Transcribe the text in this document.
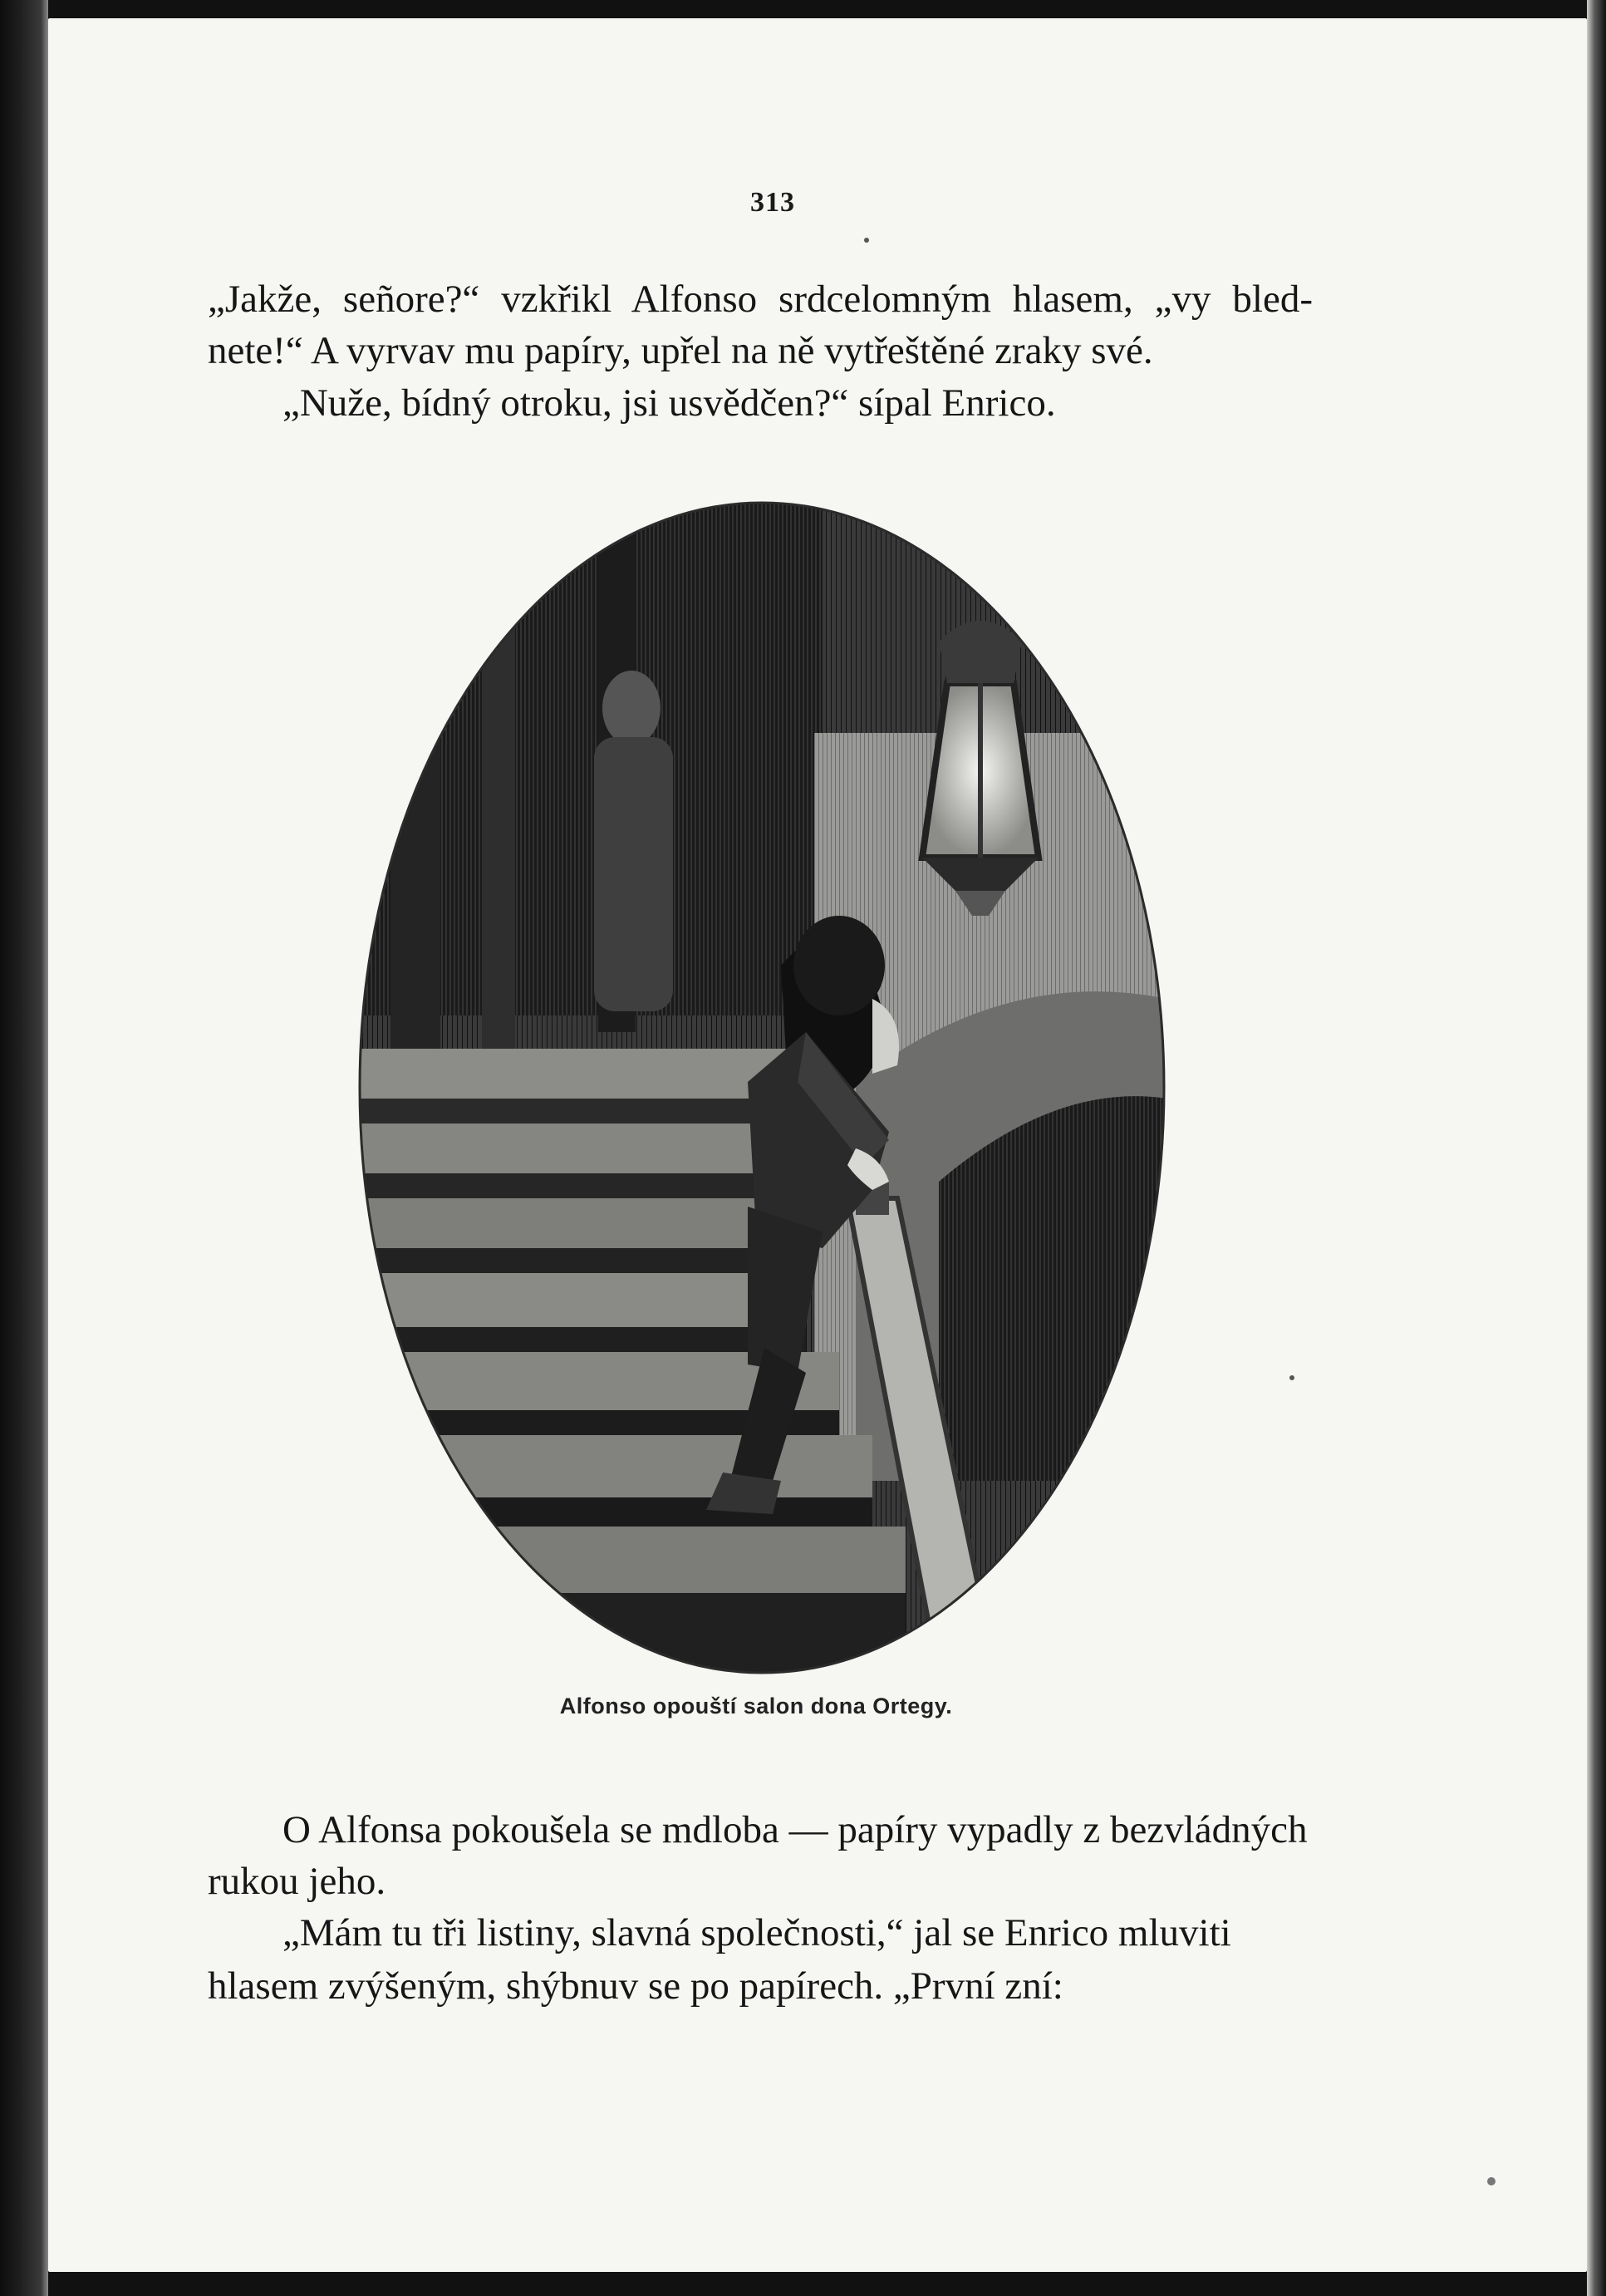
313
„Jakže, señore?“ vzkřikl Alfonso srdcelomným hlasem, „vy bled-
nete!“ A vyrvav mu papíry, upřel na ně vytřeštěné zraky své.
„Nuže, bídný otroku, jsi usvědčen?“ sípal Enrico.
Alfonso opouští salon dona Ortegy.
O Alfonsa pokoušela se mdloba — papíry vypadly z bezvládných
rukou jeho.
„Mám tu tři listiny, slavná společnosti,“ jal se Enrico mluviti
hlasem zvýšeným, shýbnuv se po papírech. „První zní:
